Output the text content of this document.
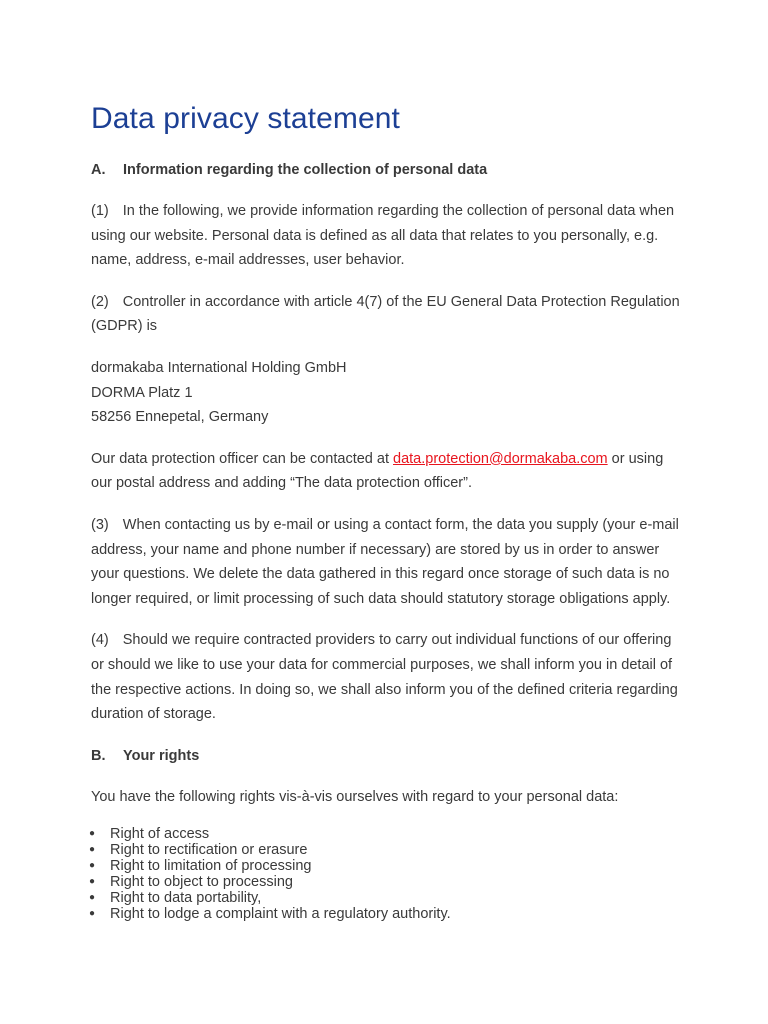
Data privacy statement
A. Information regarding the collection of personal data

(1) In the following, we provide information regarding the collection of personal data when using our website. Personal data is defined as all data that relates to you personally, e.g. name, address, e-mail addresses, user behavior.

(2) Controller in accordance with article 4(7) of the EU General Data Protection Regulation (GDPR) is

dormakaba International Holding GmbH
DORMA Platz 1
58256 Ennepetal, Germany

Our data protection officer can be contacted at data.protection@dormakaba.com or using our postal address and adding “The data protection officer”.

(3) When contacting us by e-mail or using a contact form, the data you supply (your e-mail address, your name and phone number if necessary) are stored by us in order to answer your questions. We delete the data gathered in this regard once storage of such data is no longer required, or limit processing of such data should statutory storage obligations apply.

(4) Should we require contracted providers to carry out individual functions of our offering or should we like to use your data for commercial purposes, we shall inform you in detail of the respective actions. In doing so, we shall also inform you of the defined criteria regarding duration of storage.

B. Your rights

You have the following rights vis-à-vis ourselves with regard to your personal data:

● Right of access
● Right to rectification or erasure
● Right to limitation of processing
● Right to object to processing
● Right to data portability,
● Right to lodge a complaint with a regulatory authority.
